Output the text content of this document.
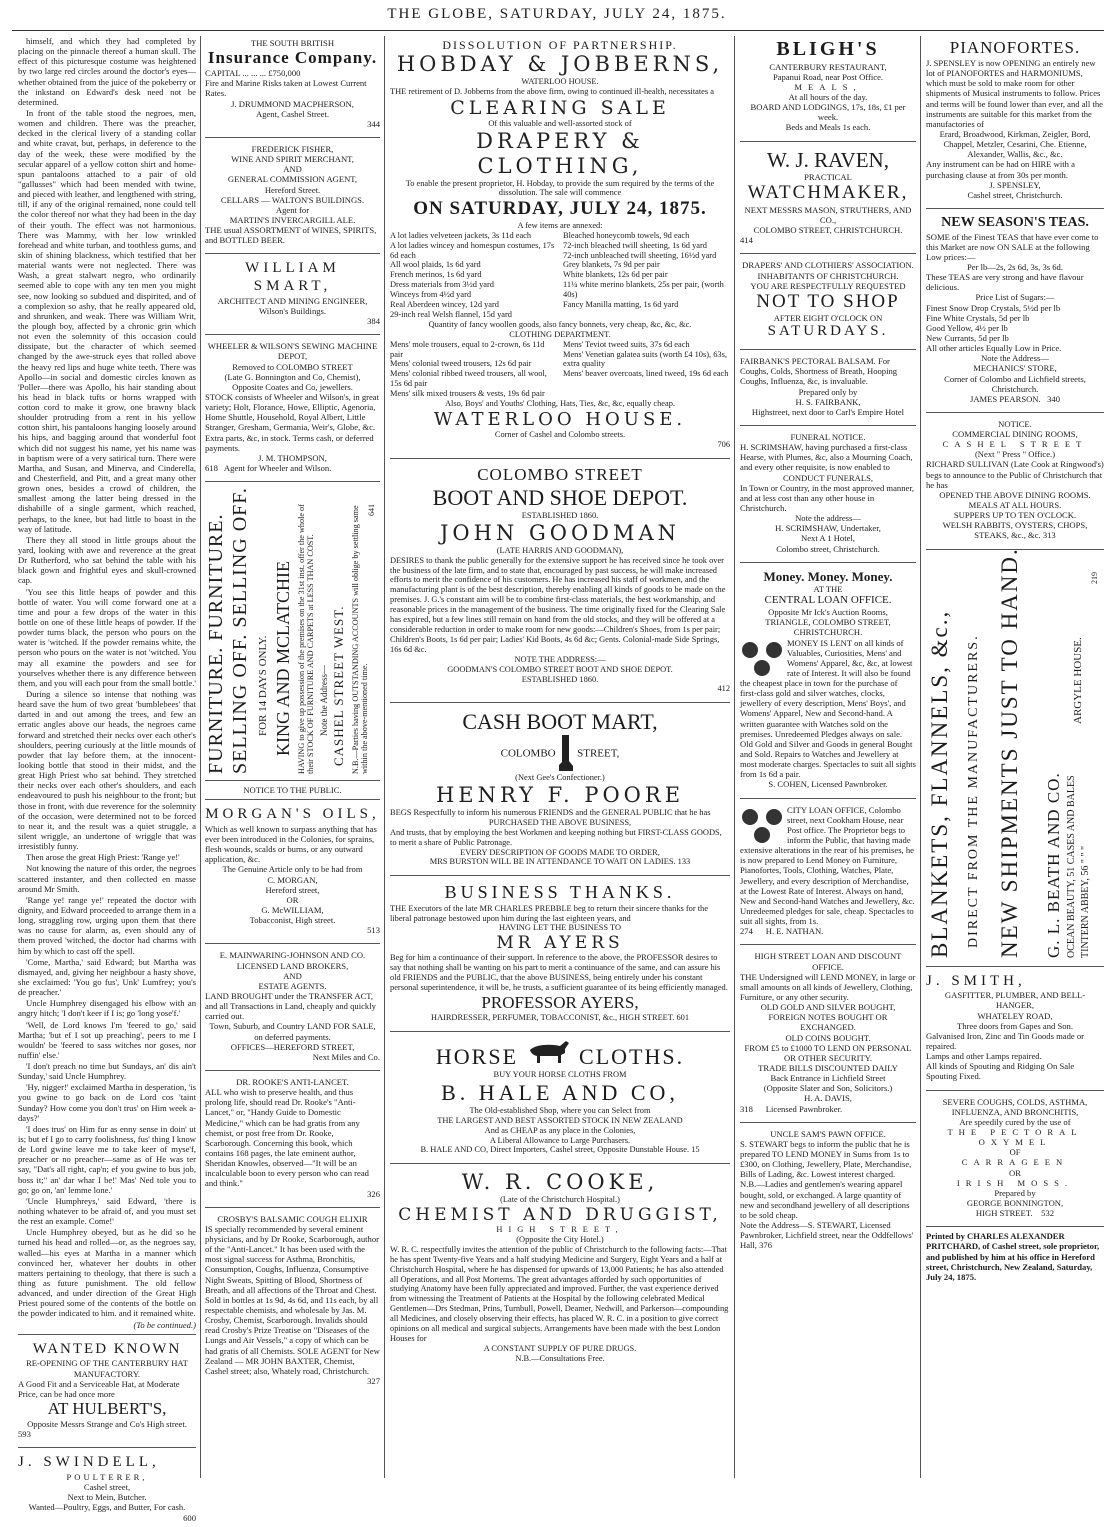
THE GLOBE, SATURDAY, JULY 24, 1875.

himself, and which they had completed by placing on the pinnacle thereof a human skull. The effect of this picturesque costume was heightened by two large red circles around the doctor's eyes—whether obtained from the juice of the pokeberry or the inkstand on Edward's desk need not be determined.

In front of the table stood the negroes, men, women and children. There was the preacher, decked in the clerical livery of a standing collar and white cravat, but, perhaps, in deference to the day of the week, these were modified by the secular apparel of a yellow cotton shirt and home-spun pantaloons attached to a pair of old "gallusses" which had been mended with twine, and pieced with leather, and lengthened with string, till, if any of the original remained, none could tell the color thereof nor what they had been in the day of their youth. The effect was not harmonious. There was Mammy, with her low wrinkled forehead and white turban, and toothless gums, and skin of shining blackness, which testified that her material wants were not neglected. There was Wash, a great stalwart negro, who ordinarily seemed able to cope with any ten men you might see, now looking so subdued and dispirited, and of a complexion so ashy, that he really appeared old, and shrunken, and weak. There was William Writ, the plough boy, affected by a chronic grin which not even the solemnity of this occasion could dissipate, but the character of which seemed changed by the awe-struck eyes that rolled above the heavy red lips and huge white teeth. There was Apollo—in social and domestic circles known as 'Poller—there was Apollo, his hair standing about his head in black tufts or horns wrapped with cotton cord to make it grow, one brawny black shoulder protruding from a rent in his yellow cotton shirt, his pantaloons hanging loosely around his hips, and bagging around that wonderful foot which did not suggest his name, yet his name was in baptism were of a very satirical turn. There were Martha, and Susan, and Minerva, and Cinderella, and Chesterfield, and Pitt, and a great many other grown ones, besides a crowd of children, the smallest among the latter being dressed in the dishabille of a single garment, which reached, perhaps, to the knee, but had little to boast in the way of latitude.

There they all stood in little groups about the yard, looking with awe and reverence at the great Dr Rutherford, who sat behind the table with his black gown and frightful eyes and skull-crowned cap.

'You see this little heaps of powder and this bottle of water. You will come forward one at a time and pour a few drops of the water in this bottle on one of these little heaps of powder. If the powder turns black, the person who pours on the water is 'witched. If the powder remains white, the person who pours on the water is not 'witched. You may all examine the powders and see for yourselves whether there is any difference between them, and you will each pour from the small bottle.'

During a silence so intense that nothing was heard save the hum of two great 'bumblebees' that darted in and out among the trees, and few an erratic angles above our heads, the negroes came forward and stretched their necks over each other's shoulders, peering curiously at the little mounds of powder that lay before them, at the innocent-looking bottle that stood in their midst, and the great High Priest who sat behind. They stretched their necks over each other's shoulders, and each endeavoured to push his neighbour to the front; but those in front, with due reverence for the solemnity of the occasion, were determined not to be forced to near it, and the result was a quiet struggle, a silent wriggle, an undertone of wriggle that was irresistibly funny.

Then arose the great High Priest: 'Range ye!'

Not knowing the nature of this order, the negroes scattered instanter, and then collected en masse around Mr Smith.

'Range ye! range ye!' repeated the doctor with dignity, and Edward proceeded to arrange them in a long, straggling row, urging upon them that there was no cause for alarm, as, even should any of them proved 'witched, the doctor had charms with him by which to cast off the spell.

'Come, Martha,' said Edward; but Martha was dismayed, and, giving her neighbour a hasty shove, she exclaimed: 'You go fus', Unk' Lumfrey; you's de preacher.'

Uncle Humphrey disengaged his elbow with an angry hitch; 'I don't keer if I is; go 'long yose'f.'

'Well, de Lord knows I'm 'feered to go,' said Martha; 'but ef I sot up preaching', peers to me I wouldn' be 'feered to sass witches nor goses, nor nuffin' else.'

'I don't preach no time but Sundays, an' dis ain't Sunday,' said Uncle Humphrey.

'Hy, nigger!' exclaimed Martha in desperation, 'is you gwine to go back on de Lord cos 'taint Sunday? How come you don't trus' on Him week a-days?'

'I does trus' on Him fur as enny sense in doin' ut is; but ef I go to carry foolishness, fus' thing I know de Lord gwine leave me to take keer of myse'f, preacher or no preacher—same as of He was ter say, "Dat's all right, cap'n; ef you gwine to bus job, boss it;" an' dar whar I be!' Mas' Ned tole you to go; go on, 'an' lemme lone.'

'Uncle Humphreys,' said Edward, 'there is nothing whatever to be afraid of, and you must set the rest an example. Come!'

Uncle Humphrey obeyed, but as he did so he turned his head and rolled—or, as the negroes say, walled—his eyes at Martha in a manner which convinced her, whatever her doubts in other matters pertaining to theology, that there is such a thing as future punishment. The old fellow advanced, and under direction of the Great High Priest poured some of the contents of the bottle on the powder indicated to him. and it remained white.

(To be continued.)
WANTED KNOWN
RE-OPENING OF THE CANTERBURY HAT MANUFACTORY.
A Good Fit and a Serviceable Hat, at Moderate Price, can be had once more
AT HULBERT'S,
Opposite Messrs Strange and Co's High street.
593
J. SWINDELL,
POULTERER,
Cashel street,
Next to Mein, Butcher.
Wanted—Poultry, Eggs, and Butter, For cash.
600
THE SOUTH BRITISH
Insurance Company.
CAPITAL ... ... ... £750,000
Fire and Marine Risks taken at Lowest Current Rates.
J. DRUMMOND MACPHERSON,
Agent, Cashel Street.
344
FREDERICK FISHER,
WINE AND SPIRIT MERCHANT,
AND
GENERAL COMMISSION AGENT,
Hereford Street.
CELLARS — WALTON'S BUILDINGS.
Agent for
MARTIN'S INVERCARGILL ALE.
THE usual ASSORTMENT of WINES, SPIRITS, and BOTTLED BEER.
WILLIAM SMART,
ARCHITECT AND MINING ENGINEER,
Wilson's Buildings.
384
WHEELER & WILSON'S SEWING MACHINE DEPOT,
Removed to COLOMBO STREET
(Late G. Bonnington and Co, Chemist),
Opposite Coates and Co, jewellers.
STOCK consists of Wheeler and Wilson's, in great variety; Holt, Florance, Howe, Elliptic, Agenoria, Home Shuttle, Household, Royal Albert, Little Stranger, Gresham, Germania, Weir's, Globe, &c. Extra parts, &c, in stock. Terms cash, or deferred payments.
J. M. THOMPSON,
618 Agent for Wheeler and Wilson.
FURNITURE. FURNITURE. SELLING OFF. SELLING OFF. FOR 14 DAYS ONLY. KING AND MCLATCHIE HAVING to give up possession of the premises on the 31st inst. offer the whole of their STOCK OF FURNITURE AND CARPETS at LESS THAN COST. Note the Address— CASHEL STREET WEST. N.B.—Parties having OUTSTANDING ACCOUNTS will oblige by settling same within the above-mentioned time.
641
NOTICE TO THE PUBLIC.
MORGAN'S OILS,
Which as well known to surpass anything that has ever been introduced in the Colonies, for sprains, flesh wounds, scalds or burns, or any outward application, &c.
The Genuine Article only to be had from
C. MORGAN,
Hereford street,
OR
G. McWILLIAM,
Tobacconist, High street.
513
E. MAINWARING-JOHNSON AND CO.
LICENSED LAND BROKERS,
AND
ESTATE AGENTS.
LAND BROUGHT under the TRANSFER ACT, and all Transactions in Land, cheaply and quickly carried out.
Town, Suburb, and Country LAND FOR SALE, on deferred payments.
OFFICES—HEREFORD STREET,
Next Miles and Co.
DR. ROOKE'S ANTI-LANCET.
ALL who wish to preserve health, and thus prolong life, should read Dr. Rooke's "Anti-Lancet," or, "Handy Guide to Domestic Medicine," which can be had gratis from any chemist, or post free from Dr. Rooke, Scarborough. Concerning this book, which contains 168 pages, the late eminent author, Sheridan Knowles, observed—"It will be an incalculable boon to every person who can read and think."
326
CROSBY'S BALSAMIC COUGH ELIXIR
IS specially recommended by several eminent physicians, and by Dr Rooke, Scarborough, author of the "Anti-Lancet." It has been used with the most signal success for Asthma, Bronchitis, Consumption, Coughs, Influenza, Consumptive Night Sweats, Spitting of Blood, Shortness of Breath, and all affections of the Throat and Chest. Sold in bottles at 1s 9d, 4s 6d, and 11s each, by all respectable chemists, and wholesale by Jas. M. Crosby, Chemist, Scarborough. Invalids should read Crosby's Prize Treatise on "Diseases of the Lungs and Air Vessels," a copy of which can be had gratis of all Chemists. SOLE AGENT for New Zealand — MR JOHN BAXTER, Chemist, Cashel street; also, Whately road, Christchurch.
327
DISSOLUTION OF PARTNERSHIP.
HOBDAY & JOBBERNS,
WATERLOO HOUSE.
THE retirement of D. Jobberns from the above firm, owing to continued ill-health, necessitates a
CLEARING SALE
Of this valuable and well-assorted stock of
DRAPERY & CLOTHING,
To enable the present proprietor, H. Hobday, to provide the sum required by the terms of the dissolution. The sale will commence
ON SATURDAY, JULY 24, 1875.
A few items are annexed:
A lot ladies velveteen jackets, 3s 11d each
A lot ladies wincey and homespun costumes, 17s 6d each
All wool plaids, 1s 6d yard
French merinos, 1s 6d yard
Dress materials from 3½d yard
Winceys from 4½d yard
Real Aberdeen wincey, 12d yard
29-inch real Welsh flannel, 15d yard
Bleached honeycomb towels, 9d each
72-inch bleached twill sheeting, 1s 6d yard
72-inch unbleached twill sheeting, 16½d yard
Grey blankets, 7s 9d per pair
White blankets, 12s 6d per pair
11¼ white merino blankets, 25s per pair, (worth 40s)
Fancy Manilla matting, 1s 6d yard
Quantity of fancy woollen goods, also fancy bonnets, very cheap, &c, &c, &c.
CLOTHING DEPARTMENT.
Mens' mole trousers, equal to 2-crown, 6s 11d pair
Mens' colonial tweed trousers, 12s 6d pair
Mens' colonial ribbed tweed trousers, all wool, 15s 6d pair
Mens' silk mixed trousers & vests, 19s 6d pair
Mens' Teviot tweed suits, 37s 6d each
Mens' Venetian galatea suits (worth £4 10s), 63s, extra quality
Mens' beaver overcoats, lined tweed, 19s 6d each
Also, Boys' and Youths' Clothing, Hats, Ties, &c, &c, equally cheap.
WATERLOO HOUSE.
Corner of Cashel and Colombo streets.
706
COLOMBO STREET
BOOT AND SHOE DEPOT.
ESTABLISHED 1860.
JOHN GOODMAN
(LATE HARRIS AND GOODMAN),
DESIRES to thank the public generally for the extensive support he has received since he took over the business of the late firm, and to state that, encouraged by past success, he will make increased efforts to merit the confidence of his customers. He has increased his staff of workmen, and the manufacturing plant is of the best description, thereby enabling all kinds of goods to be made on the premises. J. G.'s constant aim will be to combine first-class materials, the best workmanship, and reasonable prices in the management of the business. The time originally fixed for the Clearing Sale has expired, but a few lines still remain on hand from the old stocks, and they will be offered at a considerable reduction in order to make room for new goods:—Children's Shoes, from 1s per pair; Children's Boots, 1s 6d per pair; Ladies' Kid Boots, 4s 6d &c; Gents. Colonial-made Side Springs, 16s 6d &c.
NOTE THE ADDRESS:—
GOODMAN'S COLOMBO STREET BOOT AND SHOE DEPOT.
ESTABLISHED 1860.
412
CASH BOOT MART,
COLOMBO STREET,
(Next Gee's Confectioner.)
HENRY F. POORE
BEGS Respectfully to inform his numerous FRIENDS and the GENERAL PUBLIC that he has
PURCHASED THE ABOVE BUSINESS,
And trusts, that by employing the best Workmen and keeping nothing but FIRST-CLASS GOODS, to merit a share of Public Patronage.
EVERY DESCRIPTION OF GOODS MADE TO ORDER,
MRS BURSTON WILL BE IN ATTENDANCE TO WAIT ON LADIES. 133
BUSINESS THANKS.
THE Executors of the late MR CHARLES PREBBLE beg to return their sincere thanks for the liberal patronage bestowed upon him during the last eighteen years, and
HAVING LET THE BUSINESS TO
MR AYERS
Beg for him a continuance of their support. In reference to the above, the PROFESSOR desires to say that nothing shall be wanting on his part to merit a continuance of the same, and can assure his old FRIENDS and the PUBLIC, that the above BUSINESS, being entirely under his constant personal superintendence, it will be, he trusts, a sufficient guarantee of its being efficiently managed.
PROFESSOR AYERS,
HAIRDRESSER, PERFUMER, TOBACCONIST, &c., HIGH STREET. 601
HORSE	CLOTHS.
BUY YOUR HORSE CLOTHS FROM
B. HALE AND CO,
The Old-established Shop, where you can Select from
THE LARGEST AND BEST ASSORTED STOCK IN NEW ZEALAND
And as CHEAP as any place in the Colonies,
A Liberal Allowance to Large Purchasers.
B. HALE AND CO, Direct Importers, Cashel street, Opposite Dunstable House. 15
W. R. COOKE,
(Late of the Christchurch Hospital.)
CHEMIST AND DRUGGIST,
HIGH STREET,
(Opposite the City Hotel.)
W. R. C. respectfully invites the attention of the public of Christchurch to the following facts:—That he has spent Twenty-five Years and a half studying Medicine and Surgery, Eight Years and a half at Christchurch Hospital, where he has dispensed for upwards of 13,000 Patients; he has also attended all Operations, and all Post Mortems. The great advantages afforded by such opportunities of studying Anatomy have been fully appreciated and improved. Further, the vast experience derived from witnessing the Treatment of Patients at the Hospital by the following celebrated Medical Gentlemen—Drs Stedman, Prins, Turnbull, Powell, Deamer, Nedwill, and Parkerson—compounding all Medicines, and closely observing their effects, has placed W. R. C. in a position to give correct opinions on all medical and surgical subjects. Arrangements have been made with the best London Houses for
A CONSTANT SUPPLY OF PURE DRUGS.
N.B.—Consultations Free.
BLIGH'S
CANTERBURY RESTAURANT,
Papanui Road, near Post Office.
MEALS,
At all hours of the day.
BOARD AND LODGINGS, 17s, 18s, £1 per week.
Beds and Meals 1s each.
W. J. RAVEN,
PRACTICAL
WATCHMAKER,
NEXT MESSRS MASON, STRUTHERS, AND CO.,
COLOMBO STREET, CHRISTCHURCH.
414
DRAPERS' AND CLOTHIERS' ASSOCIATION.
INHABITANTS OF CHRISTCHURCH.
YOU ARE RESPECTFULLY REQUESTED
NOT TO SHOP
AFTER EIGHT O'CLOCK ON
SATURDAYS.
FAIRBANK'S PECTORAL BALSAM. For Coughs, Colds, Shortness of Breath, Hooping Coughs, Influenza, &c, is invaluable.
Prepared only by
H. S. FAIRBANK,
Highstreet, next door to Carl's Empire Hotel
FUNERAL NOTICE.
H. SCRIMSHAW, having purchased a first-class Hearse, with Plumes, &c, also a Mourning Coach, and every other requisite, is now enabled to
CONDUCT FUNERALS,
In Town or Country, in the most approved manner, and at less cost than any other house in Christchurch.
Note the address—
H. SCRIMSHAW, Undertaker,
Next A 1 Hotel,
Colombo street, Christchurch.
Money. Money. Money.
AT THE
CENTRAL LOAN OFFICE.
Opposite Mr Ick's Auction Rooms,
TRIANGLE, COLOMBO STREET,
CHRISTCHURCH.
MONEY IS LENT on all kinds of Valuables, Curiosities, Mens' and Womens' Apparel, &c, &c, at lowest rate of Interest. It will also be found the cheapest place in town for the purchase of first-class gold and silver watches, clocks, jewellery of every description, Mens' Boys', and Womens' Apparel, New and Second-hand. A written guarantee with Watches sold on the premises. Unredeemed Pledges always on sale. Old Gold and Silver and Goods in general Bought and Sold. Repairs to Watches and Jewellery at most moderate charges. Spectacles to suit all sights from 1s 6d a pair.
S. COHEN, Licensed Pawnbroker.
CITY LOAN OFFICE, Colombo street, next Cookham House, near Post office. The Proprietor begs to inform the Public, that having made extensive alterations in the rear of his premises, he is now prepared to Lend Money on Furniture, Pianofortes, Tools, Clothing, Watches, Plate, Jewellery, and every description of Merchandise, at the Lowest Rate of Interest. Always on hand, New and Second-hand Watches and Jewellery, &c. Unredeemed pledges for sale, cheap. Spectacles to suit all sights, from 1s.
274 H. E. NATHAN.
HIGH STREET LOAN AND DISCOUNT OFFICE.
THE Undersigned will LEND MONEY, in large or small amounts on all kinds of Jewellery, Clothing, Furniture, or any other security.
OLD GOLD AND SILVER BOUGHT,
FOREIGN NOTES BOUGHT OR EXCHANGED.
OLD COINS BOUGHT.
FROM £5 to £1000 TO LEND ON PERSONAL OR OTHER SECURITY.
TRADE BILLS DISCOUNTED DAILY
Back Entrance in Lichfield Street
(Opposite Slater and Son, Solicitors.)
H. A. DAVIS,
318 Licensed Pawnbroker.
UNCLE SAM'S PAWN OFFICE.
S. STEWART begs to inform the public that he is prepared TO LEND MONEY in Sums from 1s to £300, on Clothing, Jewellery, Plate, Merchandise, Bills of Lading, &c. Lowest interest charged.
N.B.—Ladies and gentlemen's wearing apparel bought, sold, or exchanged. A large quantity of new and secondhand jewellery of all descriptions to be sold cheap.
Note the Address—S. STEWART, Licensed Pawnbroker, Lichfield street, near the Oddfellows' Hall, 376
PIANOFORTES.
J. SPENSLEY is now OPENING an entirely new lot of PIANOFORTES and HARMONIUMS, which must be sold to make room for other shipments of Musical instruments to follow. Prices and terms will be found lower than ever, and all the instruments are suitable for this market from the manufactories of
Erard, Broadwood, Kirkman, Zeigler, Bord, Chappel, Metzler, Cesarini, Che. Etienne, Alexander, Wallis, &c., &c.
Any instrument can be had on HIRE with a purchasing clause at from 30s per month.
J. SPENSLEY,
Cashel street, Christchurch.
NEW SEASON'S TEAS.
SOME of the Finest TEAS that have ever come to this Market are now ON SALE at the following Low prices:—
Per lb—2s, 2s 6d, 3s, 3s 6d.
These TEAS are very strong and have flavour delicious.
Price List of Sugars:—
Finest Snow Drop Crystals, 5½d per lb
Fine White Crystals, 5d per lb
Good Yellow, 4½ per lb
New Currants, 5d per lb
All other articles Equally Low in Price.
Note the Address—
MECHANICS' STORE,
Corner of Colombo and Lichfield streets, Christchurch.
JAMES PEARSON. 340
NOTICE.
COMMERCIAL DINING ROOMS,
CASHEL STREET
(Next " Press " Office.)
RICHARD SULLIVAN (Late Cook at Ringwood's) begs to announce to the Public of Christchurch that he has
OPENED THE ABOVE DINING ROOMS.
MEALS AT ALL HOURS.
SUPPERS UP TO TEN O'CLOCK.
WELSH RABBITS, OYSTERS, CHOPS, STEAKS, &c., &c. 313
BLANKETS, FLANNELS, &c., DIRECT FROM THE MANUFACTURERS. NEW SHIPMENTS JUST TO HAND. G. L. BEATH AND CO. OCEAN BEAUTY, 51 CASES AND BALES TINTERN ABBEY, 56 " " "
ARGYLE HOUSE.
219
J. SMITH,
GASFITTER, PLUMBER, AND BELL-HANGER,
WHATELEY ROAD,
Three doors from Gapes and Son.
Galvanised Iron, Zinc and Tin Goods made or repaired.
Lamps and other Lamps repaired.
All kinds of Spouting and Ridging On Sale Spouting Fixed.
SEVERE COUGHS, COLDS, ASTHMA, INFLUENZA, AND BRONCHITIS,
Are speedily cured by the use of
THE PECTORAL OXYMEL
OF
CARRAGEEN
OR
IRISH MOSS.
Prepared by
GEORGE BONNINGTON,
HIGH STREET. 532
Printed by CHARLES ALEXANDER PRITCHARD, of Cashel street, sole proprietor, and published by him at his office in Hereford street, Christchurch, New Zealand, Saturday, July 24, 1875.
